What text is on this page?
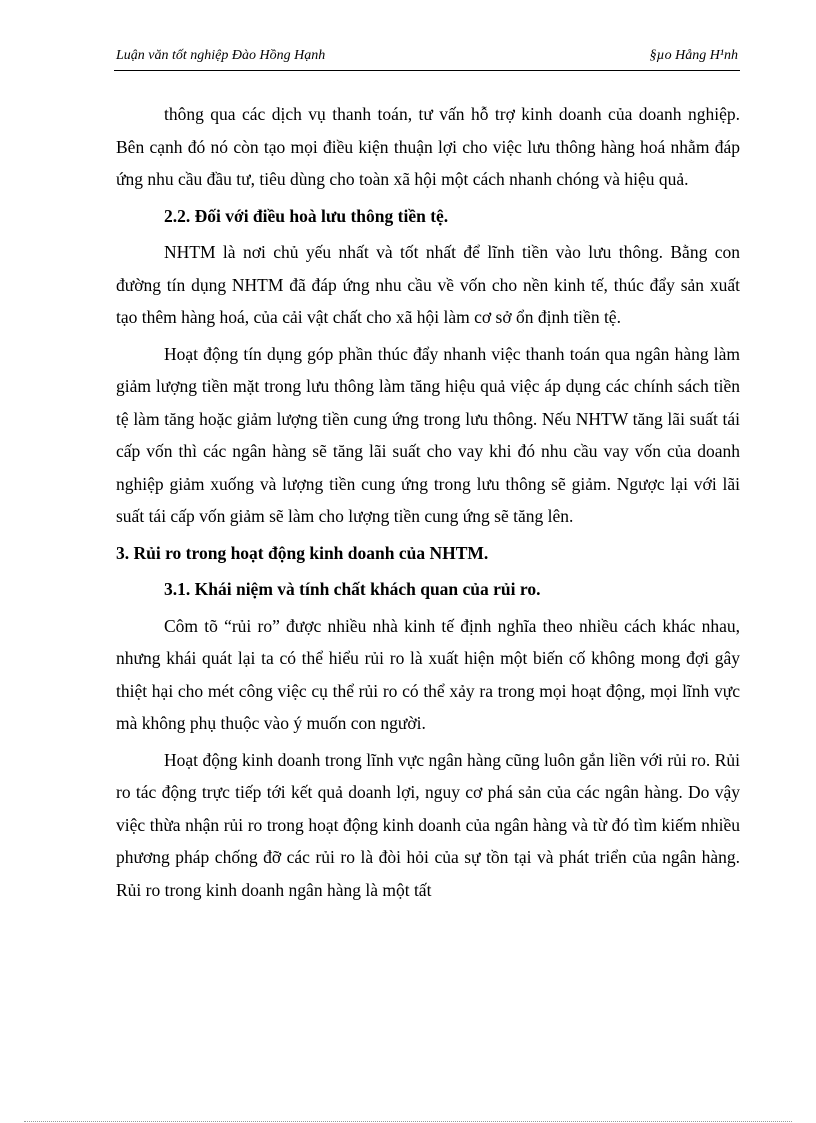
Luận văn tốt nghiệp Đào Hồng Hạnh	§µo Hång H¹nh

thông qua các dịch vụ thanh toán, tư vấn hỗ trợ kinh doanh của doanh nghiệp. Bên cạnh đó nó còn tạo mọi điều kiện thuận lợi cho việc lưu thông hàng hoá nhằm đáp ứng nhu cầu đầu tư, tiêu dùng cho toàn xã hội một cách nhanh chóng và hiệu quả.

2.2. Đối với điều hoà lưu thông tiền tệ.

NHTM là nơi chủ yếu nhất và tốt nhất để lĩnh tiền vào lưu thông. Bằng con đường tín dụng NHTM đã đáp ứng nhu cầu về vốn cho nền kinh tế, thúc đẩy sản xuất tạo thêm hàng hoá, của cải vật chất cho xã hội làm cơ sở ổn định tiền tệ.

Hoạt động tín dụng góp phần thúc đẩy nhanh việc thanh toán qua ngân hàng làm giảm lượng tiền mặt trong lưu thông làm tăng hiệu quả việc áp dụng các chính sách tiền tệ làm tăng hoặc giảm lượng tiền cung ứng trong lưu thông. Nếu NHTW tăng lãi suất tái cấp vốn thì các ngân hàng sẽ tăng lãi suất cho vay khi đó nhu cầu vay vốn của doanh nghiệp giảm xuống và lượng tiền cung ứng trong lưu thông sẽ giảm. Ngược lại với lãi suất tái cấp vốn giảm sẽ làm cho lượng tiền cung ứng sẽ tăng lên.

3. Rủi ro trong hoạt động kinh doanh của NHTM.
3.1. Khái niệm và tính chất khách quan của rủi ro.

Côm tõ “rủi ro” được nhiều nhà kinh tế định nghĩa theo nhiều cách khác nhau, nhưng khái quát lại ta có thể hiểu rủi ro là xuất hiện một biến cố không mong đợi gây thiệt hại cho mét công việc cụ thể rủi ro có thể xảy ra trong mọi hoạt động, mọi lĩnh vực mà không phụ thuộc vào ý muốn con người.

Hoạt động kinh doanh trong lĩnh vực ngân hàng cũng luôn gắn liền với rủi ro. Rủi ro tác động trực tiếp tới kết quả doanh lợi, nguy cơ phá sản của các ngân hàng. Do vậy việc thừa nhận rủi ro trong hoạt động kinh doanh của ngân hàng và từ đó tìm kiếm nhiều phương pháp chống đỡ các rủi ro là đòi hỏi của sự tồn tại và phát triển của ngân hàng. Rủi ro trong kinh doanh ngân hàng là một tất
